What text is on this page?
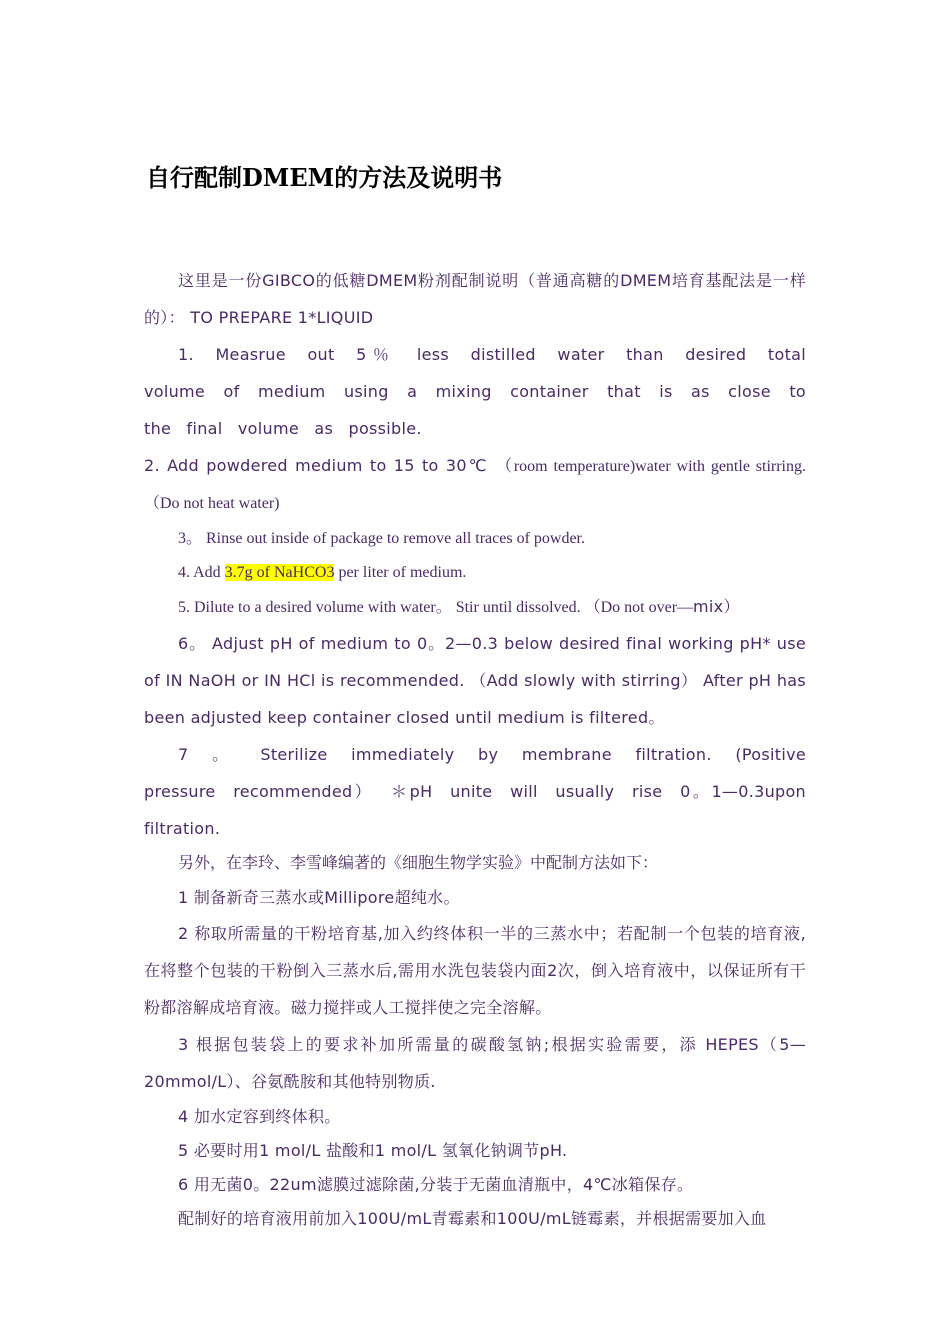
自行配制DMEM的方法及说明书

这里是一份GIBCO的低糖DMEM粉剂配制说明（普通高糖的DMEM培育基配法是一样的）： TO PREPARE 1*LIQUID

1. Measrue out 5％ less distilled water than desired total volume of medium using a mixing container that is as close to the final volume as possible.

2. Add powdered medium to 15 to 30℃ （room temperature)water with gentle stirring.（Do not heat water)

3。 Rinse out inside of package to remove all traces of powder.

4. Add 3.7g of NaHCO3 per liter of medium.

5. Dilute to a desired volume with water。 Stir until dissolved. （Do not over—mix）

6。 Adjust pH of medium to 0。2—0.3 below desired final working pH* use of IN NaOH or IN HCl is recommended. （Add slowly with stirring） After pH has been adjusted keep container closed until medium is filtered。

7 。 Sterilize immediately by membrane filtration. (Positive pressure recommended） ＊pH unite will usually rise 0。1—0.3upon filtration.

另外，在李玲、李雪峰编著的《细胞生物学实验》中配制方法如下：

1 制备新奇三蒸水或Millipore超纯水。

2 称取所需量的干粉培育基,加入约终体积一半的三蒸水中；若配制一个包装的培育液,在将整个包装的干粉倒入三蒸水后,需用水洗包装袋内面2次，倒入培育液中，以保证所有干粉都溶解成培育液。磁力搅拌或人工搅拌使之完全溶解。

3 根据包装袋上的要求补加所需量的碳酸氢钠;根据实验需要，添 HEPES（5—20mmol/L）、谷氨酰胺和其他特别物质.

4 加水定容到终体积。

5 必要时用1 mol/L 盐酸和1 mol/L 氢氧化钠调节pH.

6 用无菌0。22um滤膜过滤除菌,分装于无菌血清瓶中，4℃冰箱保存。

配制好的培育液用前加入100U/mL青霉素和100U/mL链霉素，并根据需要加入血
